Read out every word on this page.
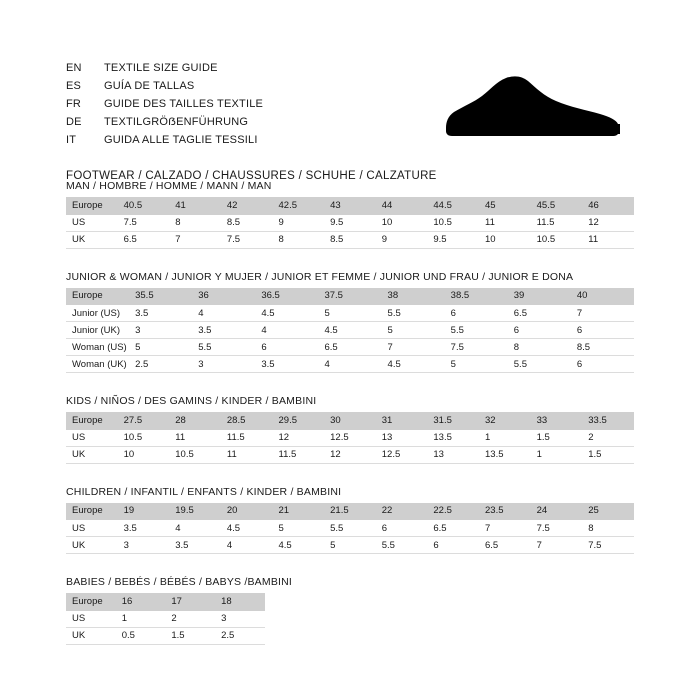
EN	TEXTILE SIZE GUIDE
ES	GUÍA DE TALLAS
FR	GUIDE DES TAILLES TEXTILE
DE	TEXTILGRÖẞENFÜHRUNG
IT	GUIDA ALLE TAGLIE TESSILI
FOOTWEAR / CALZADO / CHAUSSURES / SCHUHE / CALZATURE
MAN / HOMBRE / HOMME / MANN / MAN
Europe	40.5	41	42	42.5	43	44	44.5	45	45.5	46
US	7.5	8	8.5	9	9.5	10	10.5	11	11.5	12
UK	6.5	7	7.5	8	8.5	9	9.5	10	10.5	11
JUNIOR & WOMAN / JUNIOR Y MUJER / JUNIOR ET FEMME / JUNIOR UND FRAU / JUNIOR E DONA
Europe	35.5	36	36.5	37.5	38	38.5	39	40
Junior (US)	3.5	4	4.5	5	5.5	6	6.5	7
Junior (UK)	3	3.5	4	4.5	5	5.5	6	6
Woman (US)	5	5.5	6	6.5	7	7.5	8	8.5
Woman (UK)	2.5	3	3.5	4	4.5	5	5.5	6
KIDS / NIÑOS / DES GAMINS / KINDER / BAMBINI
Europe	27.5	28	28.5	29.5	30	31	31.5	32	33	33.5
US	10.5	11	11.5	12	12.5	13	13.5	1	1.5	2
UK	10	10.5	11	11.5	12	12.5	13	13.5	1	1.5
CHILDREN / INFANTIL / ENFANTS / KINDER / BAMBINI
Europe	19	19.5	20	21	21.5	22	22.5	23.5	24	25
US	3.5	4	4.5	5	5.5	6	6.5	7	7.5	8
UK	3	3.5	4	4.5	5	5.5	6	6.5	7	7.5
BABIES / BEBÉS / BÉBÉS / BABYS /BAMBINI
Europe	16	17	18
US	1	2	3
UK	0.5	1.5	2.5
